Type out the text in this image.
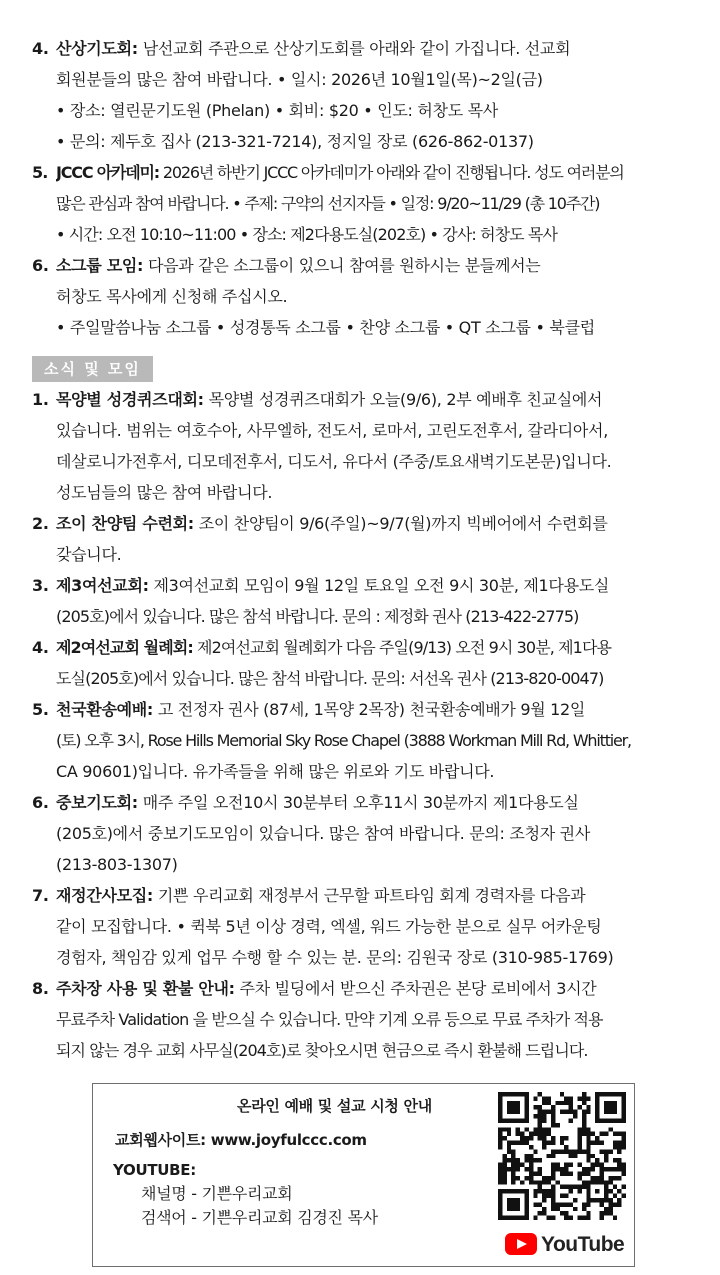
4. 산상기도회: 남선교회 주관으로 산상기도회를 아래와 같이 가집니다. 선교회
회원분들의 많은 참여 바랍니다. • 일시: 2026년 10월1일(목)~2일(금)
• 장소: 열린문기도원 (Phelan) • 회비: $20 • 인도: 허창도 목사
• 문의: 제두호 집사 (213-321-7214), 정지일 장로 (626-862-0137)
5. JCCC 아카데미: 2026년 하반기 JCCC 아카데미가 아래와 같이 진행됩니다. 성도 여러분의
많은 관심과 참여 바랍니다. • 주제: 구약의 선지자들 • 일정: 9/20~11/29 (총 10주간)
• 시간: 오전 10:10~11:00 • 장소: 제2다용도실(202호) • 강사: 허창도 목사
6. 소그룹 모임: 다음과 같은 소그룹이 있으니 참여를 원하시는 분들께서는
허창도 목사에게 신청해 주십시오.
• 주일말씀나눔 소그룹 • 성경통독 소그룹 • 찬양 소그룹 • QT 소그룹 • 북클럽
소식 및 모임
1. 목양별 성경퀴즈대회: 목양별 성경퀴즈대회가 오늘(9/6), 2부 예배후 친교실에서
있습니다. 범위는 여호수아, 사무엘하, 전도서, 로마서, 고린도전후서, 갈라디아서,
데살로니가전후서, 디모데전후서, 디도서, 유다서 (주중/토요새벽기도본문)입니다.
성도님들의 많은 참여 바랍니다.
2. 조이 찬양팀 수련회: 조이 찬양팀이 9/6(주일)~9/7(월)까지 빅베어에서 수련회를
갖습니다.
3. 제3여선교회: 제3여선교회 모임이 9월 12일 토요일 오전 9시 30분, 제1다용도실
(205호)에서 있습니다. 많은 참석 바랍니다. 문의 : 제정화 권사 (213-422-2775)
4. 제2여선교회 월례회: 제2여선교회 월례회가 다음 주일(9/13) 오전 9시 30분, 제1다용
도실(205호)에서 있습니다. 많은 참석 바랍니다. 문의: 서선옥 권사 (213-820-0047)
5. 천국환송예배: 고 전정자 권사 (87세, 1목양 2목장) 천국환송예배가 9월 12일
(토) 오후 3시, Rose Hills Memorial Sky Rose Chapel (3888 Workman Mill Rd, Whittier,
CA 90601)입니다. 유가족들을 위해 많은 위로와 기도 바랍니다.
6. 중보기도회: 매주 주일 오전10시 30분부터 오후11시 30분까지 제1다용도실
(205호)에서 중보기도모임이 있습니다. 많은 참여 바랍니다. 문의: 조청자 권사
(213-803-1307)
7. 재정간사모집: 기쁜 우리교회 재정부서 근무할 파트타임 회계 경력자를 다음과
같이 모집합니다. • 퀵북 5년 이상 경력, 엑셀, 워드 가능한 분으로 실무 어카운팅
경험자, 책임감 있게 업무 수행 할 수 있는 분. 문의: 김원국 장로 (310-985-1769)
8. 주차장 사용 및 환불 안내: 주차 빌딩에서 받으신 주차권은 본당 로비에서 3시간
무료주차 Validation 을 받으실 수 있습니다. 만약 기계 오류 등으로 무료 주차가 적용
되지 않는 경우 교회 사무실(204호)로 찾아오시면 현금으로 즉시 환불해 드립니다.
온라인 예배 및 설교 시청 안내
교회웹사이트: www.joyfulccc.com
YOUTUBE:
채널명 - 기쁜우리교회
검색어 - 기쁜우리교회 김경진 목사
YouTube
